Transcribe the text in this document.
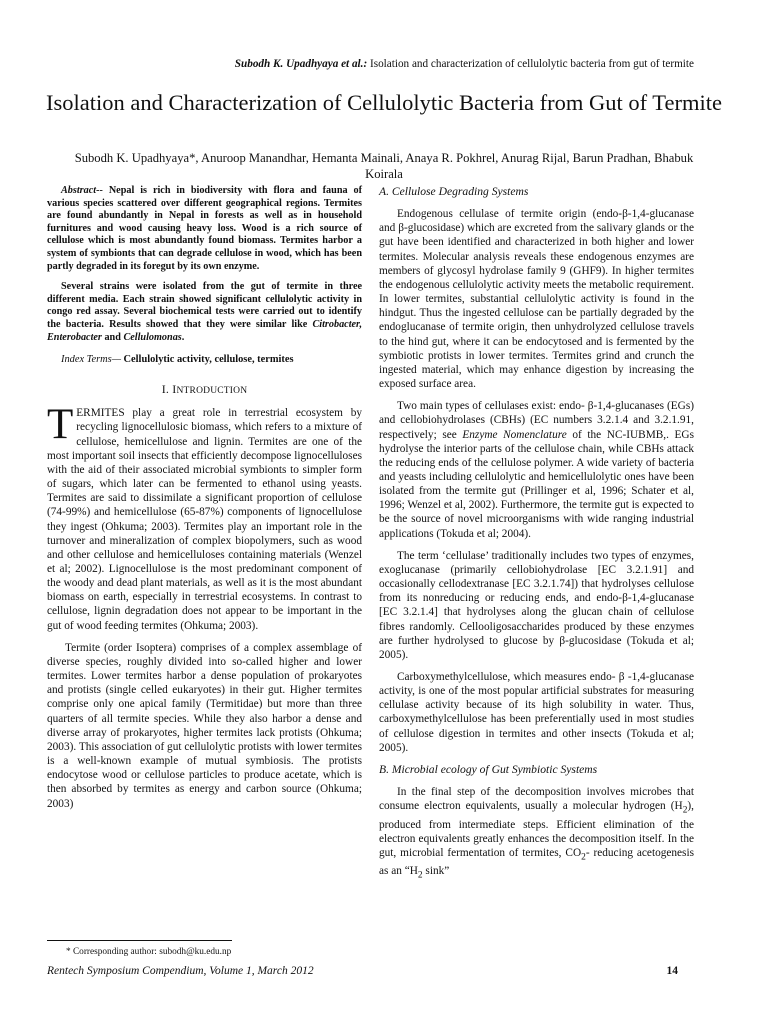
Subodh K. Upadhyaya et al.: Isolation and characterization of cellulolytic bacteria from gut of termite
Isolation and Characterization of Cellulolytic Bacteria from Gut of Termite
Subodh K. Upadhyaya*, Anuroop Manandhar, Hemanta Mainali, Anaya R. Pokhrel, Anurag Rijal, Barun Pradhan, Bhabuk Koirala

Abstract-- Nepal is rich in biodiversity with flora and fauna of various species scattered over different geographical regions. Termites are found abundantly in Nepal in forests as well as in household furnitures and wood causing heavy loss. Wood is a rich source of cellulose which is most abundantly found biomass. Termites harbor a system of symbionts that can degrade cellulose in wood, which has been partly degraded in its foregut by its own enzyme.

Several strains were isolated from the gut of termite in three different media. Each strain showed significant cellulolytic activity in congo red assay. Several biochemical tests were carried out to identify the bacteria. Results showed that they were similar like Citrobacter, Enterobacter and Cellulomonas.

Index Terms— Cellulolytic activity, cellulose, termites
I. INTRODUCTION

TERMITES play a great role in terrestrial ecosystem by recycling lignocellulosic biomass, which refers to a mixture of cellulose, hemicellulose and lignin. Termites are one of the most important soil insects that efficiently decompose lignocelluloses with the aid of their associated microbial symbionts to simpler form of sugars, which later can be fermented to ethanol using yeasts. Termites are said to dissimilate a significant proportion of cellulose (74-99%) and hemicellulose (65-87%) components of lignocellulose they ingest (Ohkuma; 2003). Termites play an important role in the turnover and mineralization of complex biopolymers, such as wood and other cellulose and hemicelluloses containing materials (Wenzel et al; 2002). Lignocellulose is the most predominant component of the woody and dead plant materials, as well as it is the most abundant biomass on earth, especially in terrestrial ecosystems. In contrast to cellulose, lignin degradation does not appear to be important in the gut of wood feeding termites (Ohkuma; 2003).

Termite (order Isoptera) comprises of a complex assemblage of diverse species, roughly divided into so-called higher and lower termites. Lower termites harbor a dense population of prokaryotes and protists (single celled eukaryotes) in their gut. Higher termites comprise only one apical family (Termitidae) but more than three quarters of all termite species. While they also harbor a dense and diverse array of prokaryotes, higher termites lack protists (Ohkuma; 2003). This association of gut cellulolytic protists with lower termites is a well-known example of mutual symbiosis. The protists endocytose wood or cellulose particles to produce acetate, which is then absorbed by termites as energy and carbon source (Ohkuma; 2003)

A. Cellulose Degrading Systems

Endogenous cellulase of termite origin (endo-β-1,4-glucanase and β-glucosidase) which are excreted from the salivary glands or the gut have been identified and characterized in both higher and lower termites. Molecular analysis reveals these endogenous enzymes are members of glycosyl hydrolase family 9 (GHF9). In higher termites the endogenous cellulolytic activity meets the metabolic requirement. In lower termites, substantial cellulolytic activity is found in the hindgut. Thus the ingested cellulose can be partially degraded by the endoglucanase of termite origin, then unhydrolyzed cellulose travels to the hind gut, where it can be endocytosed and is fermented by the symbiotic protists in lower termites. Termites grind and crunch the ingested material, which may enhance digestion by increasing the exposed surface area.

Two main types of cellulases exist: endo- β-1,4-glucanases (EGs) and cellobiohydrolases (CBHs) (EC numbers 3.2.1.4 and 3.2.1.91, respectively; see Enzyme Nomenclature of the NC-IUBMB,. EGs hydrolyse the interior parts of the cellulose chain, while CBHs attack the reducing ends of the cellulose polymer. A wide variety of bacteria and yeasts including cellulolytic and hemicellulolytic ones have been isolated from the termite gut (Prillinger et al, 1996; Schater et al, 1996; Wenzel et al, 2002). Furthermore, the termite gut is expected to be the source of novel microorganisms with wide ranging industrial applications (Tokuda et al; 2004).

The term ‘cellulase’ traditionally includes two types of enzymes, exoglucanase (primarily cellobiohydrolase [EC 3.2.1.91] and occasionally cellodextranase [EC 3.2.1.74]) that hydrolyses cellulose from its nonreducing or reducing ends, and endo-β-1,4-glucanase [EC 3.2.1.4] that hydrolyses along the glucan chain of cellulose fibres randomly. Cellooligosaccharides produced by these enzymes are further hydrolysed to glucose by β-glucosidase (Tokuda et al; 2005).

Carboxymethylcellulose, which measures endo- β -1,4-glucanase activity, is one of the most popular artificial substrates for measuring cellulase activity because of its high solubility in water. Thus, carboxymethylcellulose has been preferentially used in most studies of cellulose digestion in termites and other insects (Tokuda et al; 2005).

B. Microbial ecology of Gut Symbiotic Systems

In the final step of the decomposition involves microbes that consume electron equivalents, usually a molecular hydrogen $(H_2)$, produced from intermediate steps. Efficient elimination of the electron equivalents greatly enhances the decomposition itself. In the gut, microbial fermentation of termites, $CO_2-$ reducing acetogenesis as an “$H_2$ sink”

* Corresponding author: subodh@ku.edu.np
Rentech Symposium Compendium, Volume 1, March 2012	14
